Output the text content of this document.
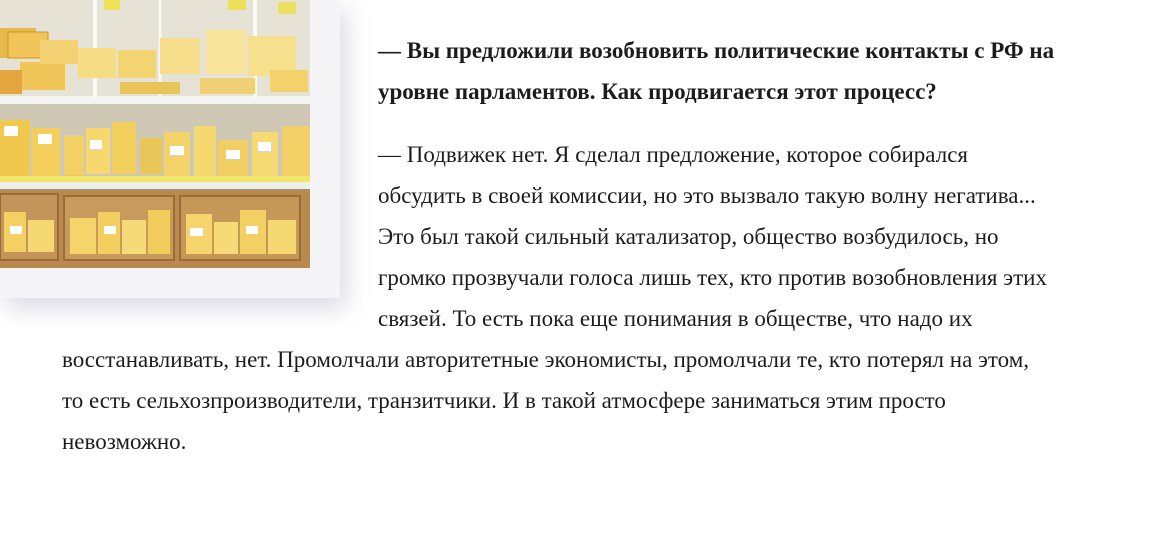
— Вы предложили возобновить политические контакты с РФ на уровне парламентов. Как продвигается этот процесс?

— Подвижек нет. Я сделал предложение, которое собирался обсудить в своей комиссии, но это вызвало такую волну негатива... Это был такой сильный катализатор, общество возбудилось, но громко прозвучали голоса лишь тех, кто против возобновления этих связей. То есть пока еще понимания в обществе, что надо их восстанавливать, нет. Промолчали авторитетные экономисты, промолчали те, кто потерял на этом, то есть сельхозпроизводители, транзитчики. И в такой атмосфере заниматься этим просто невозможно.
